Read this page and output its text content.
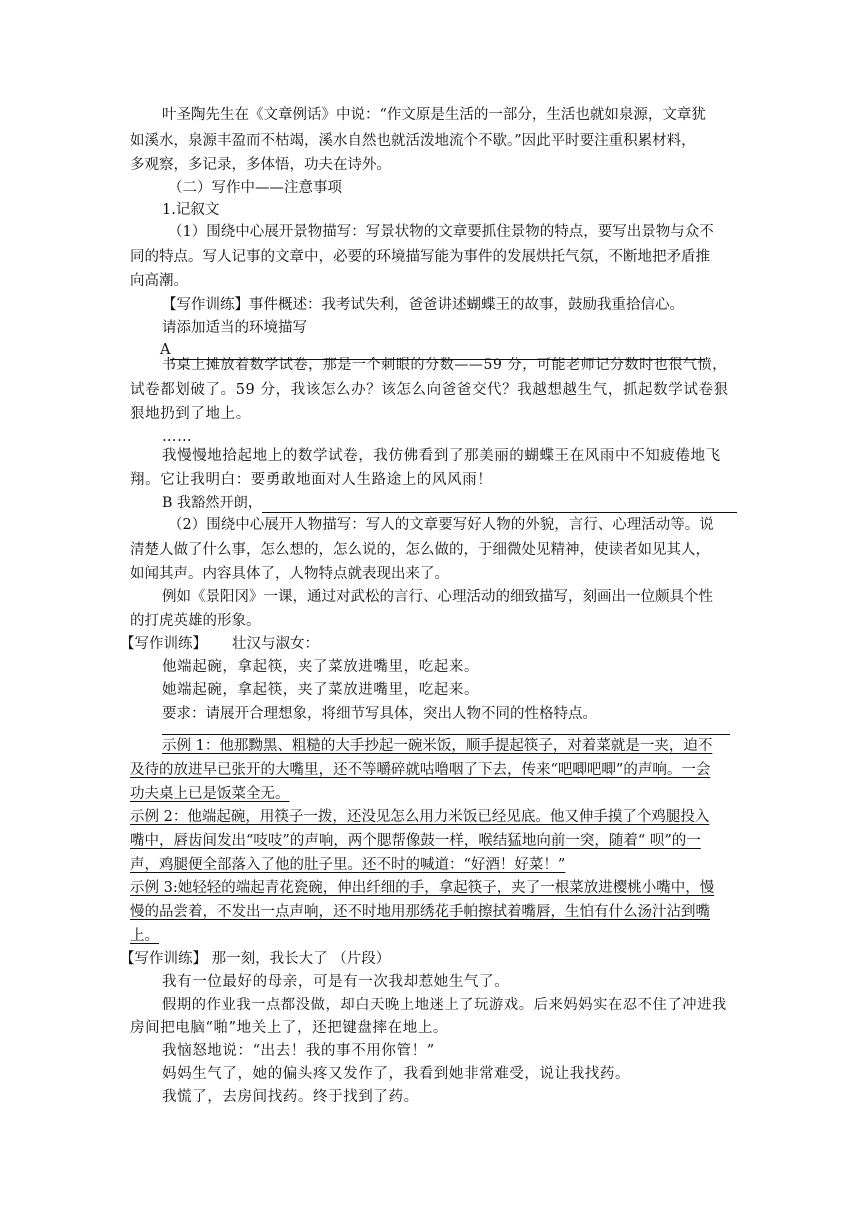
叶圣陶先生在《文章例话》中说：“作文原是生活的一部分，生活也就如泉源，文章犹
如溪水，泉源丰盈而不枯竭，溪水自然也就活泼地流个不歇。”因此平时要注重积累材料，
多观察，多记录，多体悟，功夫在诗外。
（二）写作中——注意事项
1.记叙文
（1）围绕中心展开景物描写：写景状物的文章要抓住景物的特点，要写出景物与众不
同的特点。写人记事的文章中，必要的环境描写能为事件的发展烘托气氛，不断地把矛盾推
向高潮。
【写作训练】事件概述：我考试失利，爸爸讲述蝴蝶王的故事，鼓励我重拾信心。
请添加适当的环境描写
A
书桌上摊放着数学试卷，那是一个刺眼的分数——59 分，可能老师记分数时也很气愤，
试卷都划破了。59 分，我该怎么办？该怎么向爸爸交代？我越想越生气，抓起数学试卷狠
狠地扔到了地上。
……
我慢慢地拾起地上的数学试卷，我仿佛看到了那美丽的蝴蝶王在风雨中不知疲倦地飞
翔。它让我明白：要勇敢地面对人生路途上的风风雨！
B 我豁然开朗，
（2）围绕中心展开人物描写：写人的文章要写好人物的外貌，言行、心理活动等。说
清楚人做了什么事，怎么想的，怎么说的，怎么做的，于细微处见精神，使读者如见其人，
如闻其声。内容具体了，人物特点就表现出来了。
例如《景阳冈》一课，通过对武松的言行、心理活动的细致描写，刻画出一位颇具个性
的打虎英雄的形象。
【写作训练】 壮汉与淑女：
他端起碗，拿起筷，夹了菜放进嘴里，吃起来。
她端起碗，拿起筷，夹了菜放进嘴里，吃起来。
要求：请展开合理想象，将细节写具体，突出人物不同的性格特点。
示例 1：他那黝黑、粗糙的大手抄起一碗米饭，顺手提起筷子，对着菜就是一夹，迫不
及待的放进早已张开的大嘴里，还不等嚼碎就咕噜咽了下去，传来“吧唧吧唧”的声响。一会
功夫桌上已是饭菜全无。
示例 2：他端起碗，用筷子一拨，还没见怎么用力米饭已经见底。他又伸手摸了个鸡腿投入
嘴中，唇齿间发出“吱吱”的声响，两个腮帮像鼓一样，喉结猛地向前一突，随着“ 呗”的一
声，鸡腿便全部落入了他的肚子里。还不时的喊道：“好酒！好菜！”
示例 3:她轻轻的端起青花瓷碗，伸出纤细的手，拿起筷子，夹了一根菜放进樱桃小嘴中，慢
慢的品尝着，不发出一点声响，还不时地用那绣花手帕擦拭着嘴唇，生怕有什么汤汁沾到嘴
上。
【写作训练】 那一刻，我长大了 （片段）
我有一位最好的母亲，可是有一次我却惹她生气了。
假期的作业我一点都没做，却白天晚上地迷上了玩游戏。后来妈妈实在忍不住了冲进我
房间把电脑“啪”地关上了，还把键盘摔在地上。
我恼怒地说：“出去！我的事不用你管！”
妈妈生气了，她的偏头疼又发作了，我看到她非常难受，说让我找药。
我慌了，去房间找药。终于找到了药。
